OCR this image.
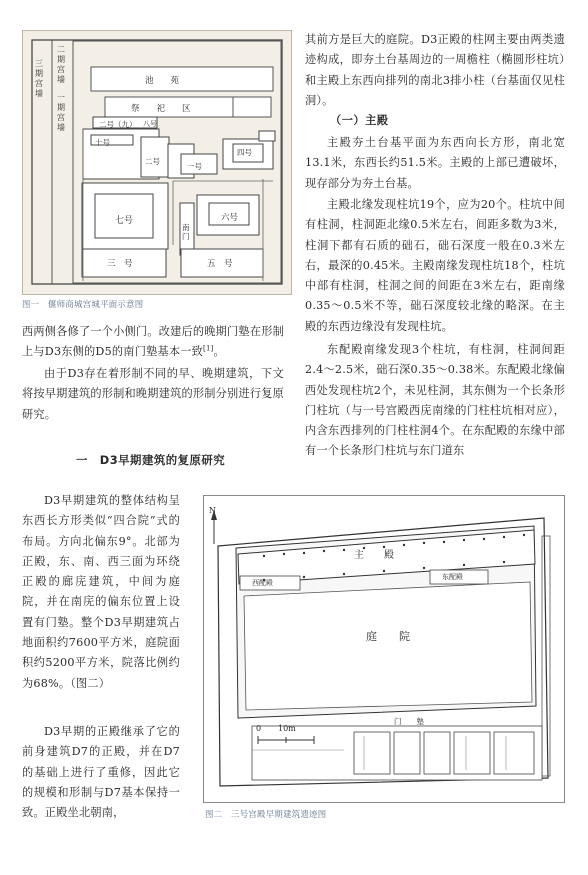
三期宫墙
二期宫墙
一期宫墙
池　　苑
祭　　祀　　区
八号
二号（九）
十号
四号
二号
一号
七号	六号
南门
三　号	五　号

图一　偃师商城宫城平面示意图

其前方是巨大的庭院。D3正殿的柱网主要由两类遗迹构成，即夯土台基周边的一周檐柱（椭圆形柱坑）和主殿上东西向排列的南北3排小柱（台基面仅见柱洞）。

（一）主殿

主殿夯土台基平面为东西向长方形，南北宽13.1米，东西长约51.5米。主殿的上部已遭破坏，现存部分为夯土台基。

主殿北缘发现柱坑19个，应为20个。柱坑中间有柱洞，柱洞距北缘0.5米左右，间距多数为3米，柱洞下都有石质的础石，础石深度一般在0.3米左右，最深的0.45米。主殿南缘发现柱坑18个，柱坑中部有柱洞，柱洞之间的间距在3米左右，距南缘0.35～0.5米不等，础石深度较北缘的略深。在主殿的东西边缘没有发现柱坑。

东配殿南缘发现3个柱坑，有柱洞，柱洞间距2.4～2.5米，础石深0.35～0.38米。东配殿北缘偏西处发现柱坑2个，未见柱洞，其东侧为一个长条形门柱坑（与一号宫殿西庑南缘的门柱柱坑相对应），内含东西排列的门柱柱洞4个。在东配殿的东缘中部有一个长条形门柱坑与东门道东

西两侧各修了一个小侧门。改建后的晚期门塾在形制上与D3东侧的D5的南门塾基本一致[1]。

由于D3存在着形制不同的早、晚期建筑，下文将按早期建筑的形制和晚期建筑的形制分别进行复原研究。

一　D3早期建筑的复原研究

D3早期建筑的整体结构呈东西长方形类似“四合院”式的布局。方向北偏东9°。北部为正殿，东、南、西三面为环绕正殿的廊庑建筑，中间为庭院，并在南庑的偏东位置上设置有门塾。整个D3早期建筑占地面积约7600平方米，庭院面积约5200平方米，院落比例约为68%。（图二）

D3早期的正殿继承了它的前身建筑D7的正殿，并在D7的基础上进行了重修，因此它的规模和形制与D7基本保持一致。正殿坐北朝南，

N
主　　殿
西配殿
东配殿
庭　　院
门　　塾
0 10m

图二　三号宫殿早期建筑遗迹图
